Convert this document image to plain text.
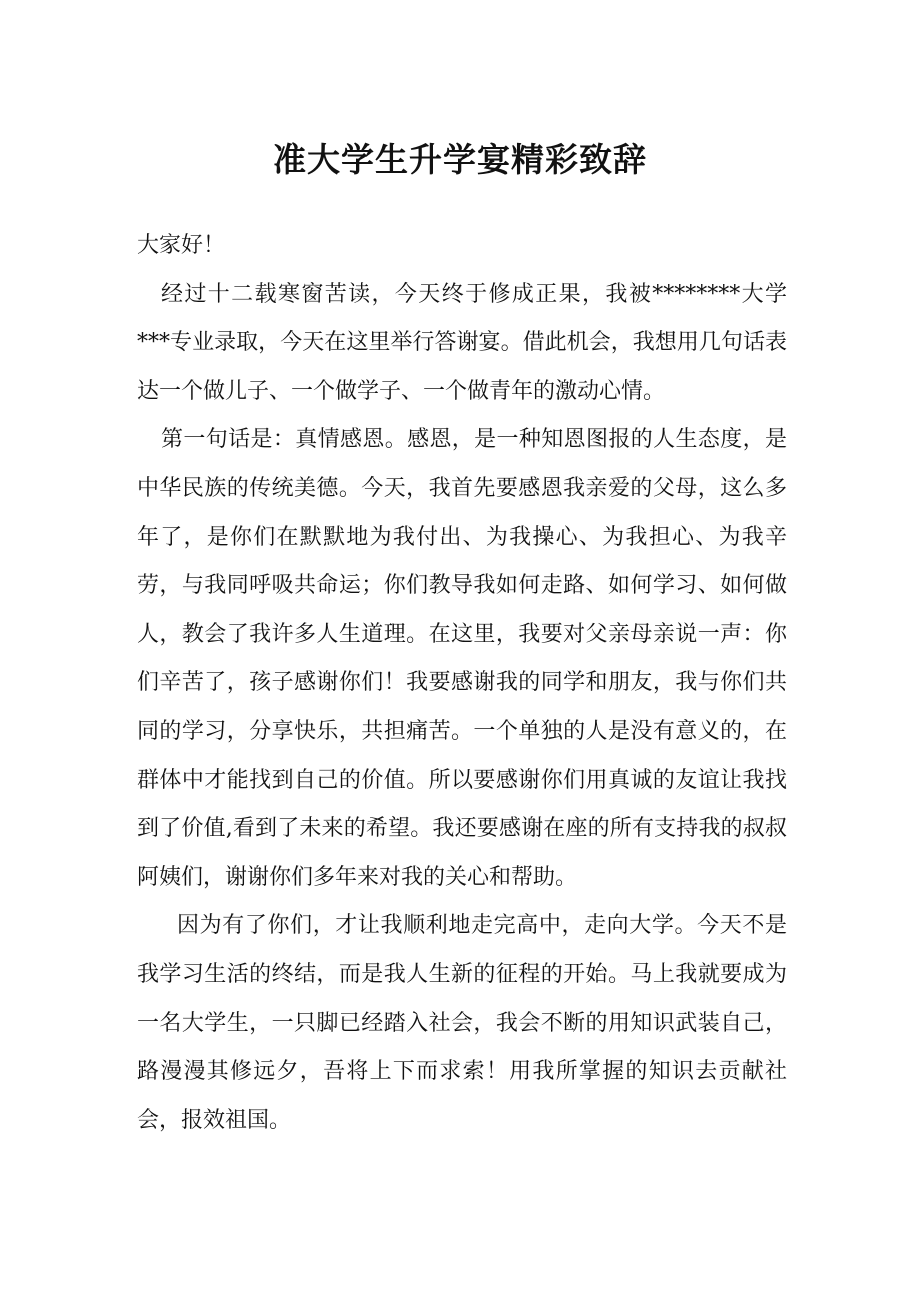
准大学生升学宴精彩致辞

大家好！

经过十二载寒窗苦读，今天终于修成正果，我被********大学***专业录取，今天在这里举行答谢宴。借此机会，我想用几句话表达一个做儿子、一个做学子、一个做青年的激动心情。

第一句话是：真情感恩。感恩，是一种知恩图报的人生态度，是中华民族的传统美德。今天，我首先要感恩我亲爱的父母，这么多年了，是你们在默默地为我付出、为我操心、为我担心、为我辛劳，与我同呼吸共命运；你们教导我如何走路、如何学习、如何做人，教会了我许多人生道理。在这里，我要对父亲母亲说一声：你们辛苦了，孩子感谢你们！我要感谢我的同学和朋友，我与你们共同的学习，分享快乐，共担痛苦。一个单独的人是没有意义的，在群体中才能找到自己的价值。所以要感谢你们用真诚的友谊让我找到了价值,看到了未来的希望。我还要感谢在座的所有支持我的叔叔阿姨们，谢谢你们多年来对我的关心和帮助。

因为有了你们，才让我顺利地走完高中，走向大学。今天不是我学习生活的终结，而是我人生新的征程的开始。马上我就要成为一名大学生，一只脚已经踏入社会，我会不断的用知识武装自己，路漫漫其修远夕，吾将上下而求索！用我所掌握的知识去贡献社会，报效祖国。
